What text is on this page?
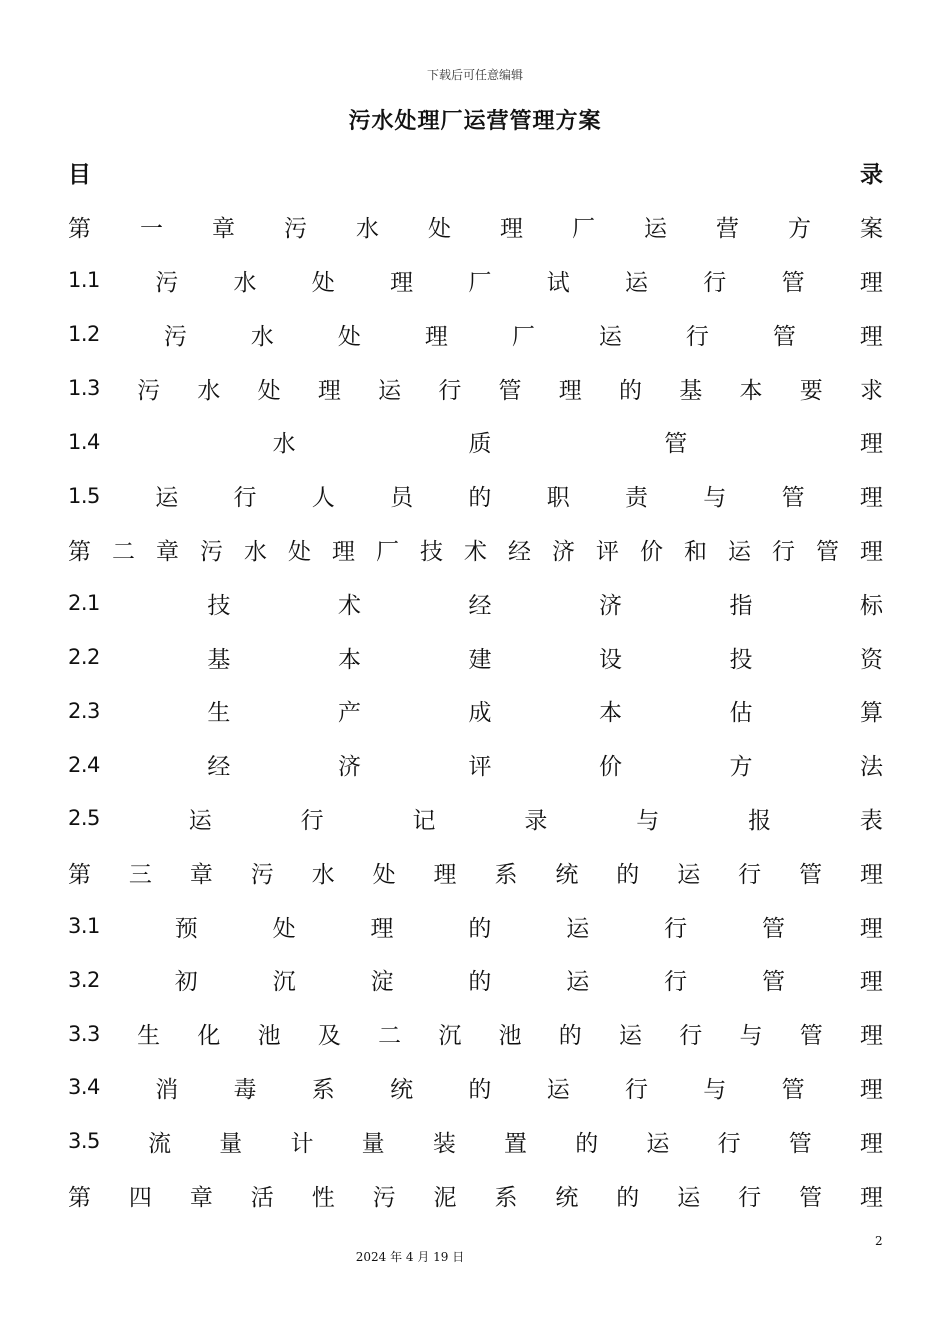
下载后可任意编辑
污水处理厂运营管理方案
目	录
第 一 章 污 水 处 理 厂 运 营 方 案
1.1 污 水 处 理 厂 试 运 行 管 理
1.2	污	水	处	理	厂	运	行	管	理
1.3 污 水 处 理 运 行 管 理 的 基 本 要 求
1.4	水	质	管	理
1.5 运 行 人 员 的 职 责 与 管 理
第 二 章 污 水 处 理 厂 技 术 经 济 评 价 和 运 行 管 理
2.1	技	术	经	济	指	标
2.2	基	本	建	设	投	资
2.3	生	产	成	本	估	算
2.4	经	济	评	价	方	法
2.5	运	行	记	录	与	报	表
第 三 章 污 水 处 理 系 统 的 运 行 管 理
3.1	预	处	理	的	运	行	管	理
3.2	初	沉	淀	的	运	行	管	理
3.3 生 化 池 及 二 沉 池 的 运 行 与 管 理
3.4 消 毒 系 统 的 运 行 与 管 理
3.5 流 量 计 量 装 置 的 运 行 管 理
第 四 章 活 性 污 泥 系 统 的 运 行 管 理
2
2024 年 4 月 19 日
